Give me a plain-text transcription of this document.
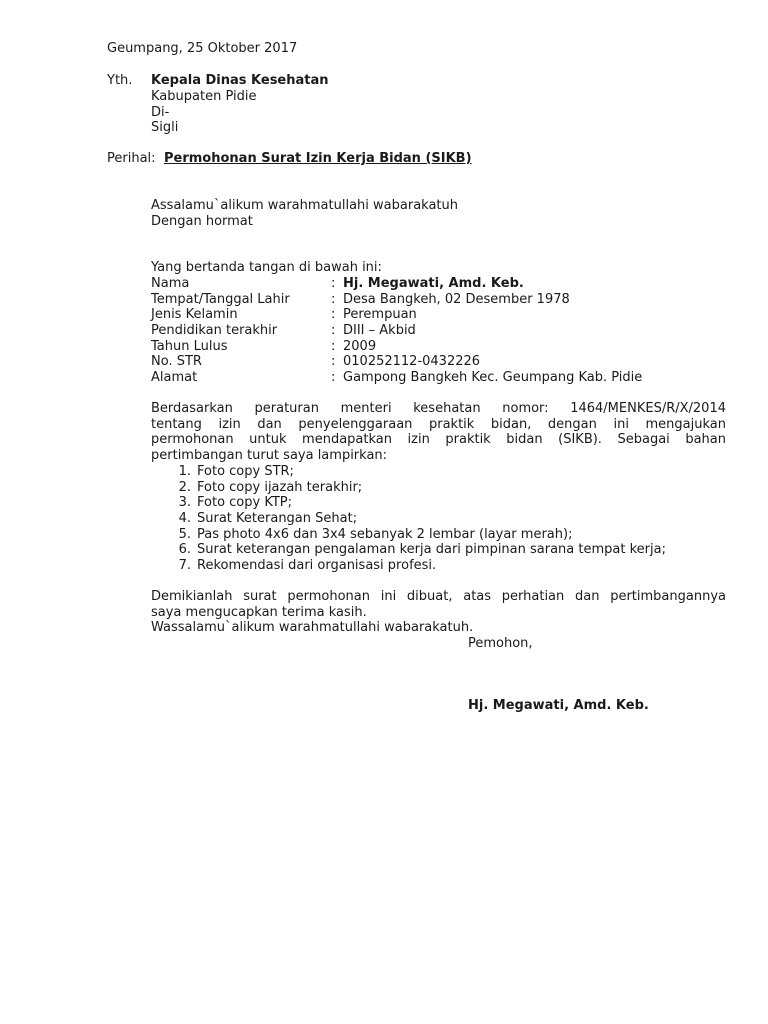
Geumpang, 25 Oktober 2017
Yth. Kepala Dinas Kesehatan
Kabupaten Pidie
Di-
Sigli
Perihal: Permohonan Surat Izin Kerja Bidan (SIKB)
Assalamu`alikum warahmatullahi wabarakatuh
Dengan hormat
Yang bertanda tangan di bawah ini:
Nama	: Hj. Megawati, Amd. Keb.
Tempat/Tanggal Lahir	: Desa Bangkeh, 02 Desember 1978
Jenis Kelamin	: Perempuan
Pendidikan terakhir	: DIII – Akbid
Tahun Lulus	: 2009
No. STR	: 010252112-0432226
Alamat	: Gampong Bangkeh Kec. Geumpang Kab. Pidie
Berdasarkan peraturan menteri kesehatan nomor: 1464/MENKES/R/X/2014
tentang izin dan penyelenggaraan praktik bidan, dengan ini mengajukan
permohonan untuk mendapatkan izin praktik bidan (SIKB). Sebagai bahan
pertimbangan turut saya lampirkan:
1. Foto copy STR;
2. Foto copy ijazah terakhir;
3. Foto copy KTP;
4. Surat Keterangan Sehat;
5. Pas photo 4x6 dan 3x4 sebanyak 2 lembar (layar merah);
6. Surat keterangan pengalaman kerja dari pimpinan sarana tempat kerja;
7. Rekomendasi dari organisasi profesi.
Demikianlah surat permohonan ini dibuat, atas perhatian dan pertimbangannya
saya mengucapkan terima kasih.
Wassalamu`alikum warahmatullahi wabarakatuh.
Pemohon,
Hj. Megawati, Amd. Keb.
